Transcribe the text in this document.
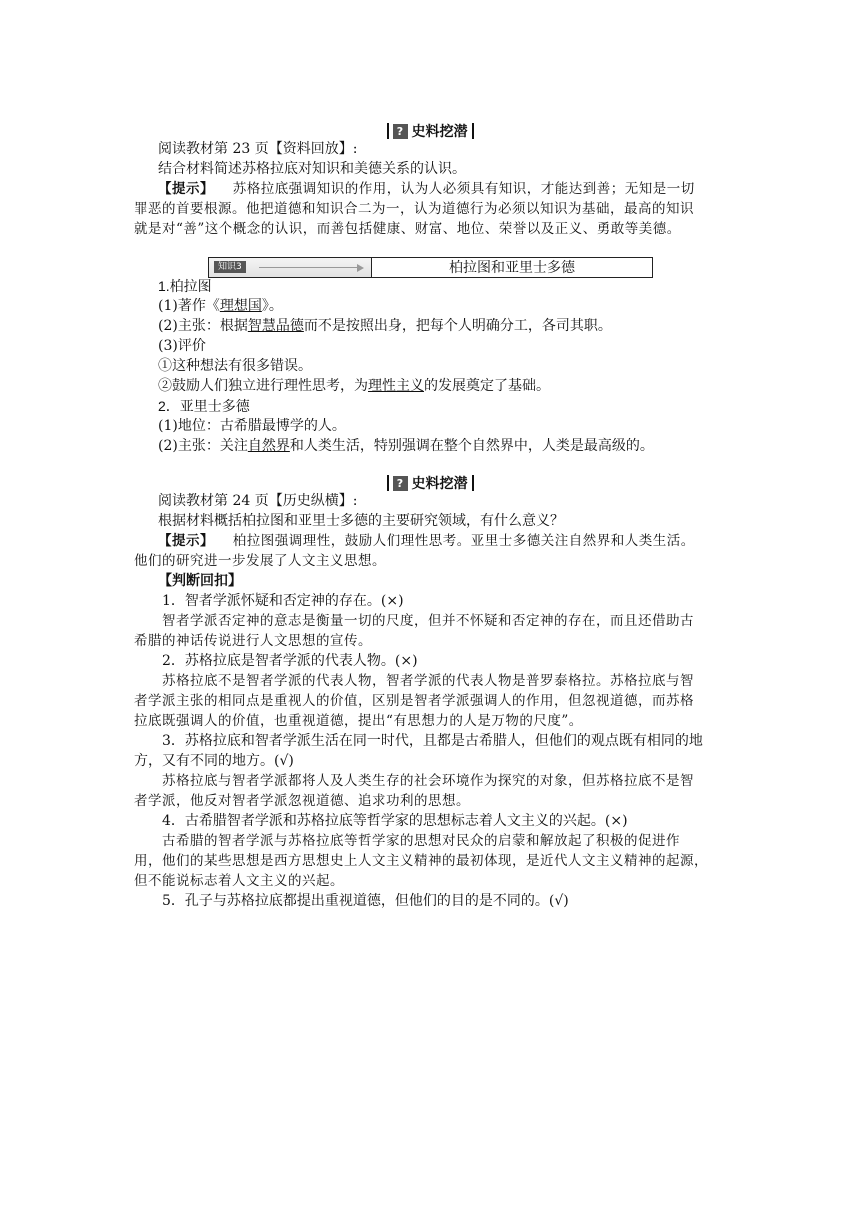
? 史料挖潜
阅读教材第 23 页【资料回放】:
结合材料简述苏格拉底对知识和美德关系的认识。
【提示】 苏格拉底强调知识的作用，认为人必须具有知识，才能达到善；无知是一切
罪恶的首要根源。他把道德和知识合二为一，认为道德行为必须以知识为基础，最高的知识
就是对“善”这个概念的认识，而善包括健康、财富、地位、荣誉以及正义、勇敢等美德。
知识3	柏拉图和亚里士多德
1.柏拉图
(1)著作《理想国》。
(2)主张：根据智慧品德而不是按照出身，把每个人明确分工，各司其职。
(3)评价
①这种想法有很多错误。
②鼓励人们独立进行理性思考，为理性主义的发展奠定了基础。
2．亚里士多德
(1)地位：古希腊最博学的人。
(2)主张：关注自然界和人类生活，特别强调在整个自然界中，人类是最高级的。
? 史料挖潜
阅读教材第 24 页【历史纵横】:
根据材料概括柏拉图和亚里士多德的主要研究领域，有什么意义？
【提示】 柏拉图强调理性，鼓励人们理性思考。亚里士多德关注自然界和人类生活。
他们的研究进一步发展了人文主义思想。
【判断回扣】
1．智者学派怀疑和否定神的存在。(×)
智者学派否定神的意志是衡量一切的尺度，但并不怀疑和否定神的存在，而且还借助古
希腊的神话传说进行人文思想的宣传。
2．苏格拉底是智者学派的代表人物。(×)
苏格拉底不是智者学派的代表人物，智者学派的代表人物是普罗泰格拉。苏格拉底与智
者学派主张的相同点是重视人的价值，区别是智者学派强调人的作用，但忽视道德，而苏格
拉底既强调人的价值，也重视道德，提出“有思想力的人是万物的尺度”。
3．苏格拉底和智者学派生活在同一时代，且都是古希腊人，但他们的观点既有相同的地
方，又有不同的地方。(√)
苏格拉底与智者学派都将人及人类生存的社会环境作为探究的对象，但苏格拉底不是智
者学派，他反对智者学派忽视道德、追求功利的思想。
4．古希腊智者学派和苏格拉底等哲学家的思想标志着人文主义的兴起。(×)
古希腊的智者学派与苏格拉底等哲学家的思想对民众的启蒙和解放起了积极的促进作
用，他们的某些思想是西方思想史上人文主义精神的最初体现，是近代人文主义精神的起源，
但不能说标志着人文主义的兴起。
5．孔子与苏格拉底都提出重视道德，但他们的目的是不同的。(√)
